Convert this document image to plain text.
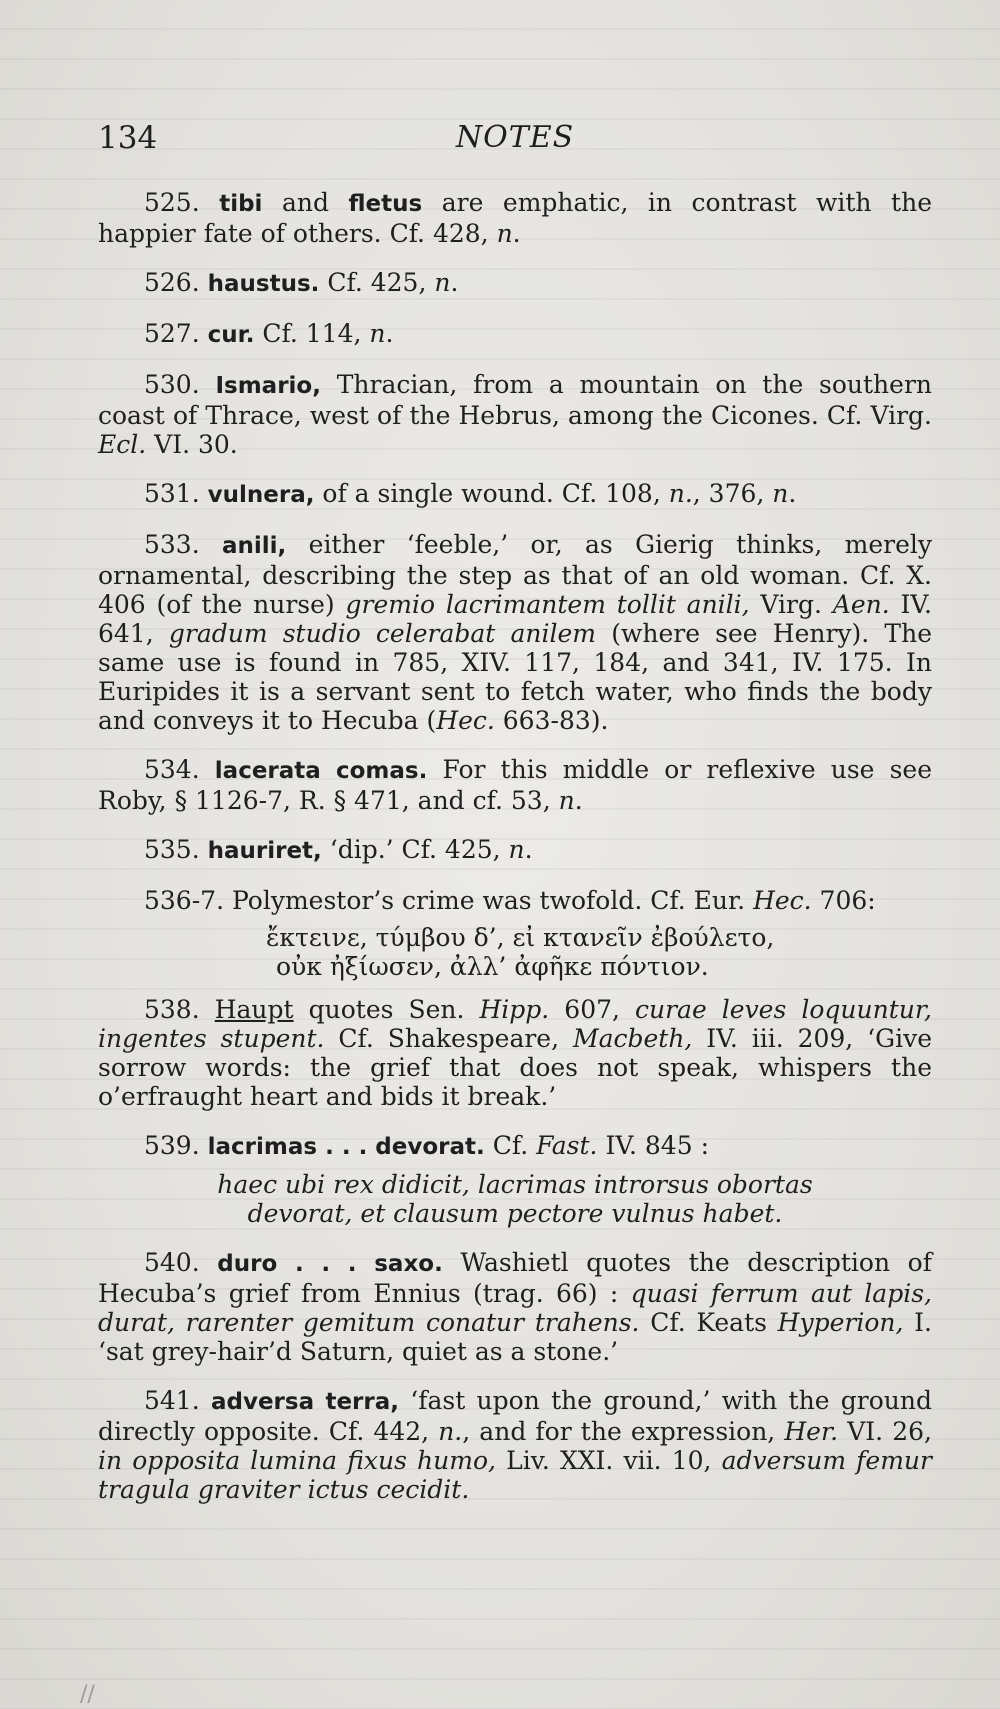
134	NOTES

525. tibi and fletus are emphatic, in contrast with the happier fate of others. Cf. 428, n.

526. haustus. Cf. 425, n.

527. cur. Cf. 114, n.

530. Ismario, Thracian, from a mountain on the southern coast of Thrace, west of the Hebrus, among the Cicones. Cf. Virg. Ecl. VI. 30.

531. vulnera, of a single wound. Cf. 108, n., 376, n.

533. anili, either ‘feeble,’ or, as Gierig thinks, merely ornamental, describing the step as that of an old woman. Cf. X. 406 (of the nurse) gremio lacrimantem tollit anili, Virg. Aen. IV. 641, gradum studio celerabat anilem (where see Henry). The same use is found in 785, XIV. 117, 184, and 341, IV. 175. In Euripides it is a servant sent to fetch water, who finds the body and conveys it to Hecuba (Hec. 663-83).

534. lacerata comas. For this middle or reflexive use see Roby, § 1126-7, R. § 471, and cf. 53, n.

535. hauriret, ‘dip.’ Cf. 425, n.

536-7. Polymestor’s crime was twofold. Cf. Eur. Hec. 706:

ἔκτεινε, τύμβου δ’, εἰ κτανεῖν ἐβούλετο,
οὐκ ἠξίωσεν, ἀλλ’ ἀφῆκε πόντιον.

538. Haupt quotes Sen. Hipp. 607, curae leves loquuntur, ingentes stupent. Cf. Shakespeare, Macbeth, IV. iii. 209, ‘Give sorrow words: the grief that does not speak, whispers the o’erfraught heart and bids it break.’

539. lacrimas . . . devorat. Cf. Fast. IV. 845 :

haec ubi rex didicit, lacrimas introrsus obortas
devorat, et clausum pectore vulnus habet.

540. duro . . . saxo. Washietl quotes the description of Hecuba’s grief from Ennius (trag. 66) : quasi ferrum aut lapis, durat, rarenter gemitum conatur trahens. Cf. Keats Hyperion, I. ‘sat grey-hair’d Saturn, quiet as a stone.’

541. adversa terra, ‘fast upon the ground,’ with the ground directly opposite. Cf. 442, n., and for the expression, Her. VI. 26, in opposita lumina fixus humo, Liv. XXI. vii. 10, adversum femur tragula graviter ictus cecidit.

//
